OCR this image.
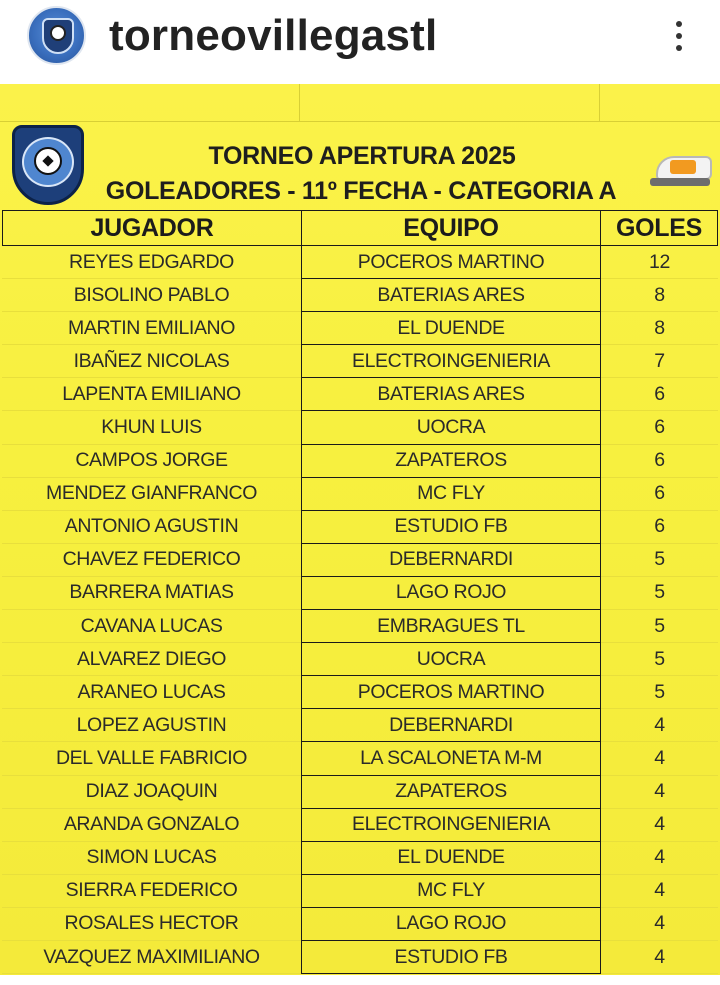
torneovillegastl
TORNEO APERTURA 2025
GOLEADORES - 11º FECHA - CATEGORIA A
JUGADOR	EQUIPO	GOLES
REYES EDGARDO	POCEROS MARTINO	12
BISOLINO PABLO	BATERIAS ARES	8
MARTIN EMILIANO	EL DUENDE	8
IBAÑEZ NICOLAS	ELECTROINGENIERIA	7
LAPENTA EMILIANO	BATERIAS ARES	6
KHUN LUIS	UOCRA	6
CAMPOS JORGE	ZAPATEROS	6
MENDEZ GIANFRANCO	MC FLY	6
ANTONIO AGUSTIN	ESTUDIO FB	6
CHAVEZ FEDERICO	DEBERNARDI	5
BARRERA MATIAS	LAGO ROJO	5
CAVANA LUCAS	EMBRAGUES TL	5
ALVAREZ DIEGO	UOCRA	5
ARANEO LUCAS	POCEROS MARTINO	5
LOPEZ AGUSTIN	DEBERNARDI	4
DEL VALLE FABRICIO	LA SCALONETA M-M	4
DIAZ JOAQUIN	ZAPATEROS	4
ARANDA GONZALO	ELECTROINGENIERIA	4
SIMON LUCAS	EL DUENDE	4
SIERRA FEDERICO	MC FLY	4
ROSALES HECTOR	LAGO ROJO	4
VAZQUEZ MAXIMILIANO	ESTUDIO FB	4
